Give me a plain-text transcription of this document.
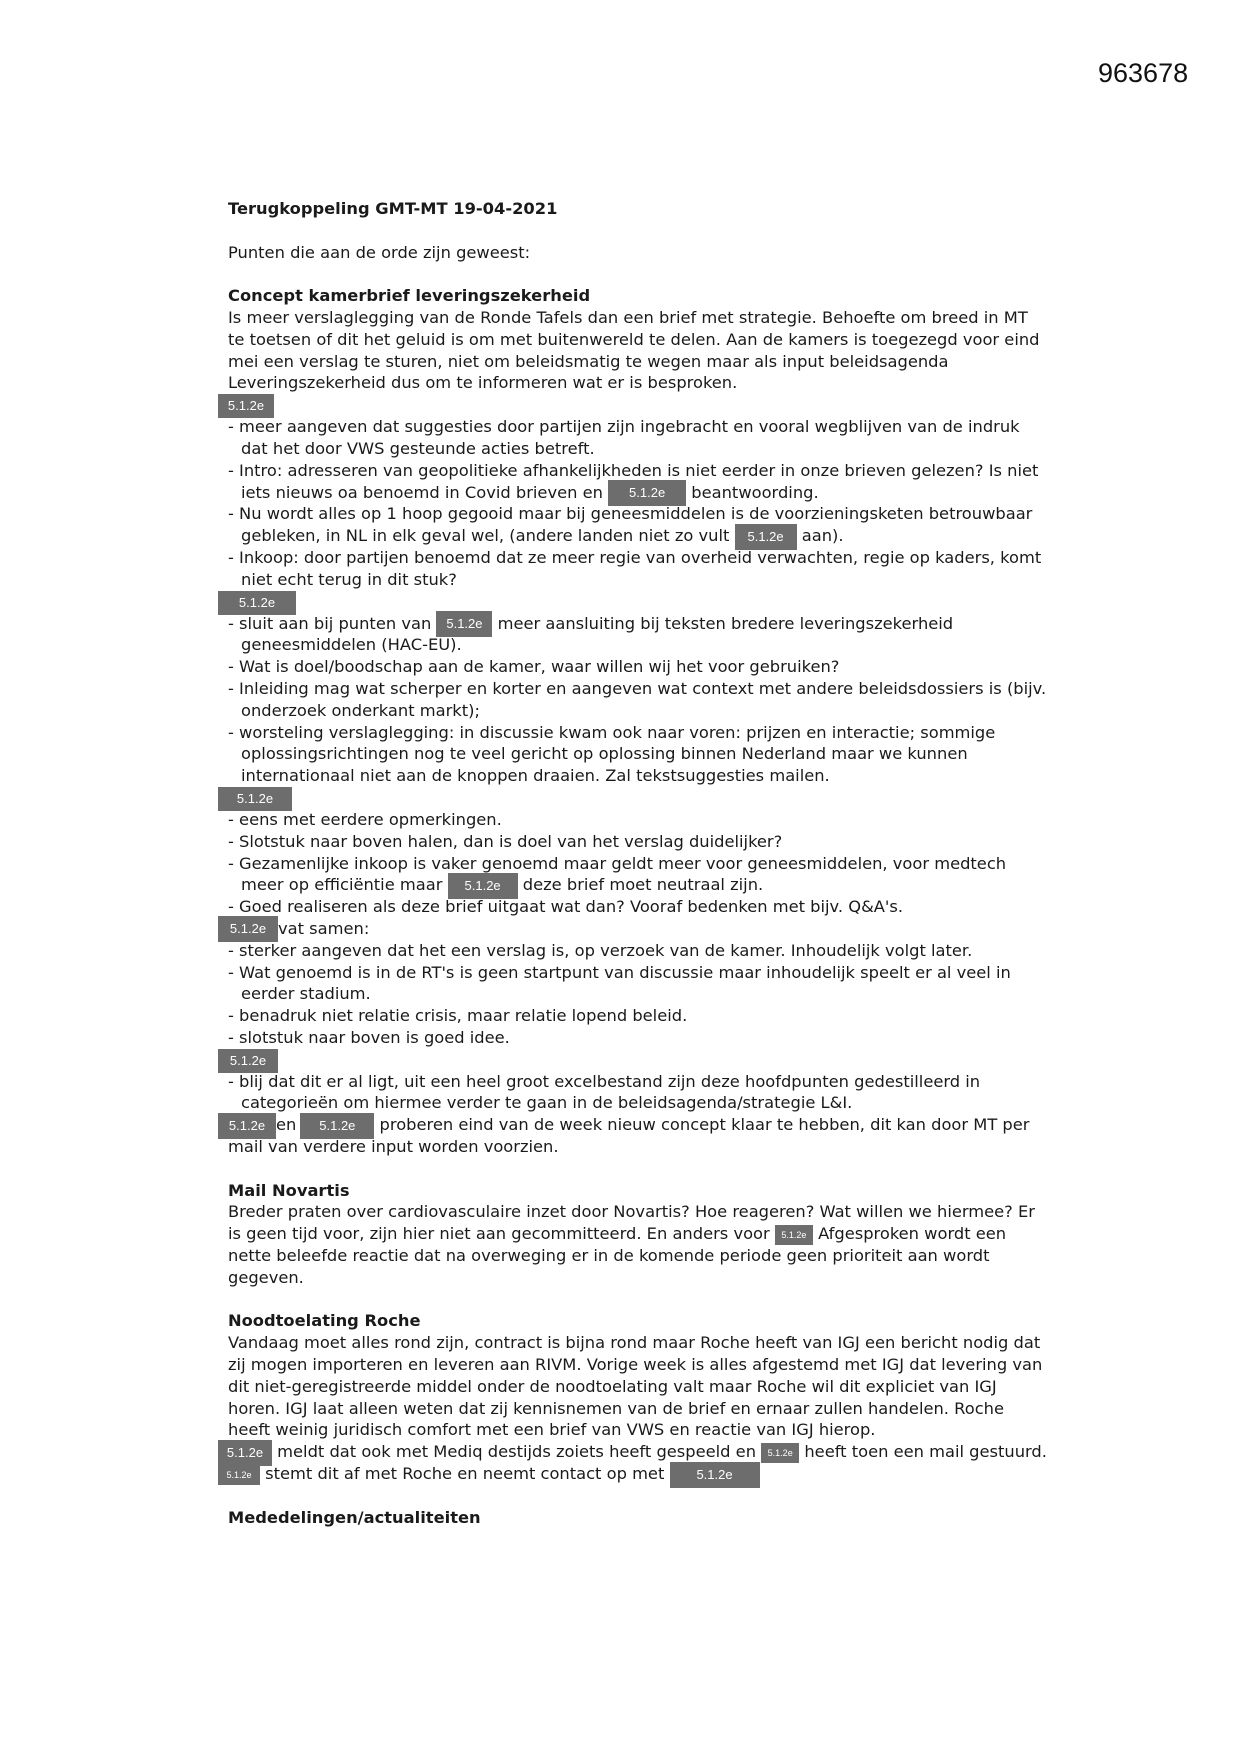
963678
Terugkoppeling GMT-MT 19-04-2021
Punten die aan de orde zijn geweest:
Concept kamerbrief leveringszekerheid
Is meer verslaglegging van de Ronde Tafels dan een brief met strategie. Behoefte om breed in MT te toetsen of dit het geluid is om met buitenwereld te delen. Aan de kamers is toegezegd voor eind mei een verslag te sturen, niet om beleidsmatig te wegen maar als input beleidsagenda Leveringszekerheid dus om te informeren wat er is besproken.
5.1.2e
- meer aangeven dat suggesties door partijen zijn ingebracht en vooral wegblijven van de indruk dat het door VWS gesteunde acties betreft.
- Intro: adresseren van geopolitieke afhankelijkheden is niet eerder in onze brieven gelezen? Is niet iets nieuws oa benoemd in Covid brieven en 5.1.2e beantwoording.
- Nu wordt alles op 1 hoop gegooid maar bij geneesmiddelen is de voorzieningsketen betrouwbaar gebleken, in NL in elk geval wel, (andere landen niet zo vult 5.1.2e aan).
- Inkoop: door partijen benoemd dat ze meer regie van overheid verwachten, regie op kaders, komt niet echt terug in dit stuk?
5.1.2e
- sluit aan bij punten van 5.1.2e meer aansluiting bij teksten bredere leveringszekerheid geneesmiddelen (HAC-EU).
- Wat is doel/boodschap aan de kamer, waar willen wij het voor gebruiken?
- Inleiding mag wat scherper en korter en aangeven wat context met andere beleidsdossiers is (bijv. onderzoek onderkant markt);
- worsteling verslaglegging: in discussie kwam ook naar voren: prijzen en interactie; sommige oplossingsrichtingen nog te veel gericht op oplossing binnen Nederland maar we kunnen internationaal niet aan de knoppen draaien. Zal tekstsuggesties mailen.
5.1.2e
- eens met eerdere opmerkingen.
- Slotstuk naar boven halen, dan is doel van het verslag duidelijker?
- Gezamenlijke inkoop is vaker genoemd maar geldt meer voor geneesmiddelen, voor medtech meer op efficiëntie maar 5.1.2e deze brief moet neutraal zijn.
- Goed realiseren als deze brief uitgaat wat dan? Vooraf bedenken met bijv. Q&A's.
5.1.2e vat samen:
- sterker aangeven dat het een verslag is, op verzoek van de kamer. Inhoudelijk volgt later.
- Wat genoemd is in de RT's is geen startpunt van discussie maar inhoudelijk speelt er al veel in eerder stadium.
- benadruk niet relatie crisis, maar relatie lopend beleid.
- slotstuk naar boven is goed idee.
5.1.2e
- blij dat dit er al ligt, uit een heel groot excelbestand zijn deze hoofdpunten gedestilleerd in categorieën om hiermee verder te gaan in de beleidsagenda/strategie L&I.
5.1.2e en 5.1.2e proberen eind van de week nieuw concept klaar te hebben, dit kan door MT per mail van verdere input worden voorzien.
Mail Novartis
Breder praten over cardiovasculaire inzet door Novartis? Hoe reageren? Wat willen we hiermee? Er is geen tijd voor, zijn hier niet aan gecommitteerd. En anders voor 5.1.2e Afgesproken wordt een nette beleefde reactie dat na overweging er in de komende periode geen prioriteit aan wordt gegeven.
Noodtoelating Roche
Vandaag moet alles rond zijn, contract is bijna rond maar Roche heeft van IGJ een bericht nodig dat zij mogen importeren en leveren aan RIVM. Vorige week is alles afgestemd met IGJ dat levering van dit niet-geregistreerde middel onder de noodtoelating valt maar Roche wil dit expliciet van IGJ horen. IGJ laat alleen weten dat zij kennisnemen van de brief en ernaar zullen handelen. Roche heeft weinig juridisch comfort met een brief van VWS en reactie van IGJ hierop.
5.1.2e meldt dat ook met Mediq destijds zoiets heeft gespeeld en 5.1.2e heeft toen een mail gestuurd.
5.1.2e stemt dit af met Roche en neemt contact op met 5.1.2e
Mededelingen/actualiteiten
